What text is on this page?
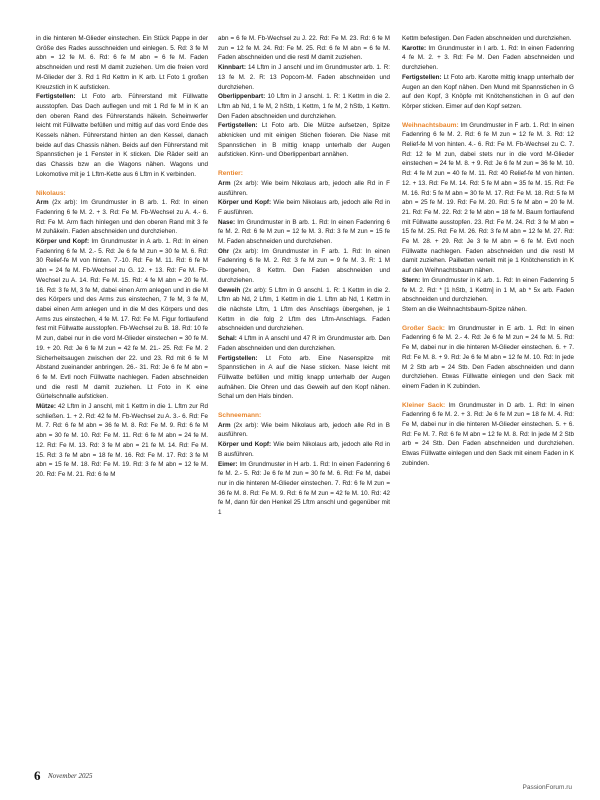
in die hinteren M-Glieder einstechen. Ein Stück Pappe in der Größe des Rades ausschneiden und einlegen. 5. Rd: 3 fe M abn = 12 fe M. 6. Rd: 6 fe M abn = 6 fe M. Faden abschneiden und restl M damit zuziehen. Um die freien vord M-Glieder der 3. Rd 1 Rd Kettm in K arb. Lt Foto 1 großen Kreuzstich in K aufsticken.

Fertigstellen: Lt Foto arb. Führerstand mit Füllwatte ausstopfen. Das Dach auflegen und mit 1 Rd fe M in K an den oberen Rand des Führerstands häkeln. Scheinwerfer leicht mit Füllwatte befüllen und mittig auf das vord Ende des Kessels nähen. Führerstand hinten an den Kessel, danach beide auf das Chassis nähen. Beids auf den Führerstand mit Spannstichen je 1 Fenster in K sticken. Die Räder seitl an das Chassis bzw an die Wagons nähen. Wagons und Lokomotive mit je 1 Lftm-Kette aus 6 Lftm in K verbinden.

Nikolaus:

Arm (2x arb): Im Grundmuster in B arb. 1. Rd: In einen Fadenring 6 fe M. 2. + 3. Rd: Fe M. Fb-Wechsel zu A. 4.- 6. Rd: Fe M. Arm flach hinlegen und den oberen Rand mit 3 fe M zuhäkeln. Faden abschneiden und durchziehen.

Körper und Kopf: Im Grundmuster in A arb. 1. Rd: In einen Fadenring 6 fe M. 2.- 5. Rd: Je 6 fe M zun = 30 fe M. 6. Rd: 30 Relief-fe M von hinten. 7.-10. Rd: Fe M. 11. Rd: 6 fe M abn = 24 fe M. Fb-Wechsel zu G. 12. + 13. Rd: Fe M. Fb-Wechsel zu A. 14. Rd: Fe M. 15. Rd: 4 fe M abn = 20 fe M. 16. Rd: 3 fe M, 3 fe M, dabei einen Arm anlegen und in die M des Körpers und des Arms zus einstechen, 7 fe M, 3 fe M, dabei einen Arm anlegen und in die M des Körpers und des Arms zus einstechen, 4 fe M. 17. Rd: Fe M. Figur fortlaufend fest mit Füllwatte ausstopfen. Fb-Wechsel zu B. 18. Rd: 10 fe M zun, dabei nur in die vord M-Glieder einstechen = 30 fe M. 19. + 20. Rd: Je 6 fe M zun = 42 fe M. 21.- 25. Rd: Fe M. 2 Sicherheitsaugen zwischen der 22. und 23. Rd mit 6 fe M Abstand zueinander anbringen. 26.- 31. Rd: Je 6 fe M abn = 6 fe M. Evtl noch Füllwatte nachlegen. Faden abschneiden und die restl M damit zuziehen. Lt Foto in K eine Gürtelschnalle aufsticken.

Mütze: 42 Lftm in J anschl, mit 1 Kettm in die 1. Lftm zur Rd schließen. 1. + 2. Rd: 42 fe M. Fb-Wechsel zu A. 3.- 6. Rd: Fe M. 7. Rd: 6 fe M abn = 36 fe M. 8. Rd: Fe M. 9. Rd: 6 fe M abn = 30 fe M. 10. Rd: Fe M. 11. Rd: 6 fe M abn = 24 fe M. 12. Rd: Fe M. 13. Rd: 3 fe M abn = 21 fe M. 14. Rd: Fe M. 15. Rd: 3 fe M abn = 18 fe M. 16. Rd: Fe M. 17. Rd: 3 fe M abn = 15 fe M. 18. Rd: Fe M. 19. Rd: 3 fe M abn = 12 fe M. 20. Rd: Fe M. 21. Rd: 6 fe M

abn = 6 fe M. Fb-Wechsel zu J. 22. Rd: Fe M. 23. Rd: 6 fe M zun = 12 fe M. 24. Rd: Fe M. 25. Rd: 6 fe M abn = 6 fe M. Faden abschneiden und die restl M damit zuziehen.

Kinnbart: 14 Lftm in J anschl und im Grundmuster arb. 1. R: 13 fe M. 2. R: 13 Popcorn-M. Faden abschneiden und durchziehen.

Oberlippenbart: 10 Lftm in J anschl. 1. R: 1 Kettm in die 2. Lftm ab Nd, 1 fe M, 2 hStb, 1 Kettm, 1 fe M, 2 hStb, 1 Kettm. Den Faden abschneiden und durchziehen.

Fertigstellen: Lt Foto arb. Die Mütze aufsetzen, Spitze abknicken und mit einigen Stichen fixieren. Die Nase mit Spannstichen in B mittig knapp unterhalb der Augen aufsticken. Kinn- und Oberlippenbart annähen.

Rentier:

Arm (2x arb): Wie beim Nikolaus arb, jedoch alle Rd in F ausführen.

Körper und Kopf: Wie beim Nikolaus arb, jedoch alle Rd in F ausführen.

Nase: Im Grundmuster in B arb. 1. Rd: In einen Fadenring 6 fe M. 2. Rd: 6 fe M zun = 12 fe M. 3. Rd: 3 fe M zun = 15 fe M. Faden abschneiden und durchziehen.

Ohr (2x arb): Im Grundmuster in F arb. 1. Rd: In einen Fadenring 6 fe M. 2. Rd: 3 fe M zun = 9 fe M. 3. R: 1 M übergehen, 8 Kettm. Den Faden abschneiden und durchziehen.

Geweih (2x arb): 5 Lftm in G anschl. 1. R: 1 Kettm in die 2. Lftm ab Nd, 2 Lftm, 1 Kettm in die 1. Lftm ab Nd, 1 Kettm in die nächste Lftm, 1 Lftm des Anschlags übergehen, je 1 Kettm in die folg 2 Lftm des Lftm-Anschlags. Faden abschneiden und durchziehen.

Schal: 4 Lftm in A anschl und 47 R im Grundmuster arb. Den Faden abschneiden und den durchziehen.

Fertigstellen: Lt Foto arb. Eine Nasenspitze mit Spannstichen in A auf die Nase sticken. Nase leicht mit Füllwatte befüllen und mittig knapp unterhalb der Augen aufnähen. Die Ohren und das Geweih auf den Kopf nähen. Schal um den Hals binden.

Schneemann:

Arm (2x arb): Wie beim Nikolaus arb, jedoch alle Rd in B ausführen.

Körper und Kopf: Wie beim Nikolaus arb, jedoch alle Rd in B ausführen.

Eimer: Im Grundmuster in H arb. 1. Rd: In einen Fadenring 6 fe M. 2.- 5. Rd: Je 6 fe M zun = 30 fe M. 6. Rd: Fe M, dabei nur in die hinteren M-Glieder einstechen. 7. Rd: 6 fe M zun = 36 fe M. 8. Rd: Fe M. 9. Rd: 6 fe M zun = 42 fe M. 10. Rd: 42 fe M, dann für den Henkel 25 Lftm anschl und gegenüber mit 1

Kettm befestigen. Den Faden abschneiden und durchziehen.

Karotte: Im Grundmuster in I arb. 1. Rd: In einen Fadenring 4 fe M. 2. + 3. Rd: Fe M. Den Faden abschneiden und durchziehen.

Fertigstellen: Lt Foto arb. Karotte mittig knapp unterhalb der Augen an den Kopf nähen. Den Mund mit Spannstichen in G auf den Kopf, 3 Knöpfe mit Knötchenstichen in G auf den Körper sticken. Eimer auf den Kopf setzen.

Weihnachtsbaum: Im Grundmuster in F arb. 1. Rd: In einen Fadenring 6 fe M. 2. Rd: 6 fe M zun = 12 fe M. 3. Rd: 12 Relief-fe M von hinten. 4.- 6. Rd: Fe M. Fb-Wechsel zu C. 7. Rd: 12 fe M zun, dabei stets nur in die vord M-Glieder einstechen = 24 fe M. 8. + 9. Rd: Je 6 fe M zun = 36 fe M. 10. Rd: 4 fe M zun = 40 fe M. 11. Rd: 40 Relief-fe M von hinten. 12. + 13. Rd: Fe M. 14. Rd: 5 fe M abn = 35 fe M. 15. Rd: Fe M. 16. Rd: 5 fe M abn = 30 fe M. 17. Rd: Fe M. 18. Rd: 5 fe M abn = 25 fe M. 19. Rd: Fe M. 20. Rd: 5 fe M abn = 20 fe M. 21. Rd: Fe M. 22. Rd: 2 fe M abn = 18 fe M. Baum fortlaufend mit Füllwatte ausstopfen. 23. Rd: Fe M. 24. Rd: 3 fe M abn = 15 fe M. 25. Rd: Fe M. 26. Rd: 3 fe M abn = 12 fe M. 27. Rd: Fe M. 28. + 29. Rd: Je 3 fe M abn = 6 fe M. Evtl noch Füllwatte nachlegen. Faden abschneiden und die restl M damit zuziehen. Pailletten verteilt mit je 1 Knötchenstich in K auf den Weihnachtsbaum nähen.

Stern: Im Grundmuster in K arb. 1. Rd: In einen Fadenring 5 fe M. 2. Rd: * [1 hStb, 1 Kettm] in 1 M, ab * 5x arb. Faden abschneiden und durchziehen.

Stern an die Weihnachtsbaum-Spitze nähen.

Großer Sack: Im Grundmuster in E arb. 1. Rd: In einen Fadenring 6 fe M. 2.- 4. Rd: Je 6 fe M zun = 24 fe M. 5. Rd: Fe M, dabei nur in die hinteren M-Glieder einstechen. 6. + 7. Rd: Fe M. 8. + 9. Rd: Je 6 fe M abn = 12 fe M. 10. Rd: In jede M 2 Stb arb = 24 Stb. Den Faden abschneiden und dann durchziehen. Etwas Füllwatte einlegen und den Sack mit einem Faden in K zubinden.

Kleiner Sack: Im Grundmuster in D arb. 1. Rd: In einen Fadenring 6 fe M. 2. + 3. Rd: Je 6 fe M zun = 18 fe M. 4. Rd: Fe M, dabei nur in die hinteren M-Glieder einstechen. 5. + 6. Rd: Fe M. 7. Rd: 6 fe M abn = 12 fe M. 8. Rd: In jede M 2 Stb arb = 24 Stb. Den Faden abschneiden und durchziehen. Etwas Füllwatte einlegen und den Sack mit einem Faden in K zubinden.

6 November 2025
PassionForum.ru
